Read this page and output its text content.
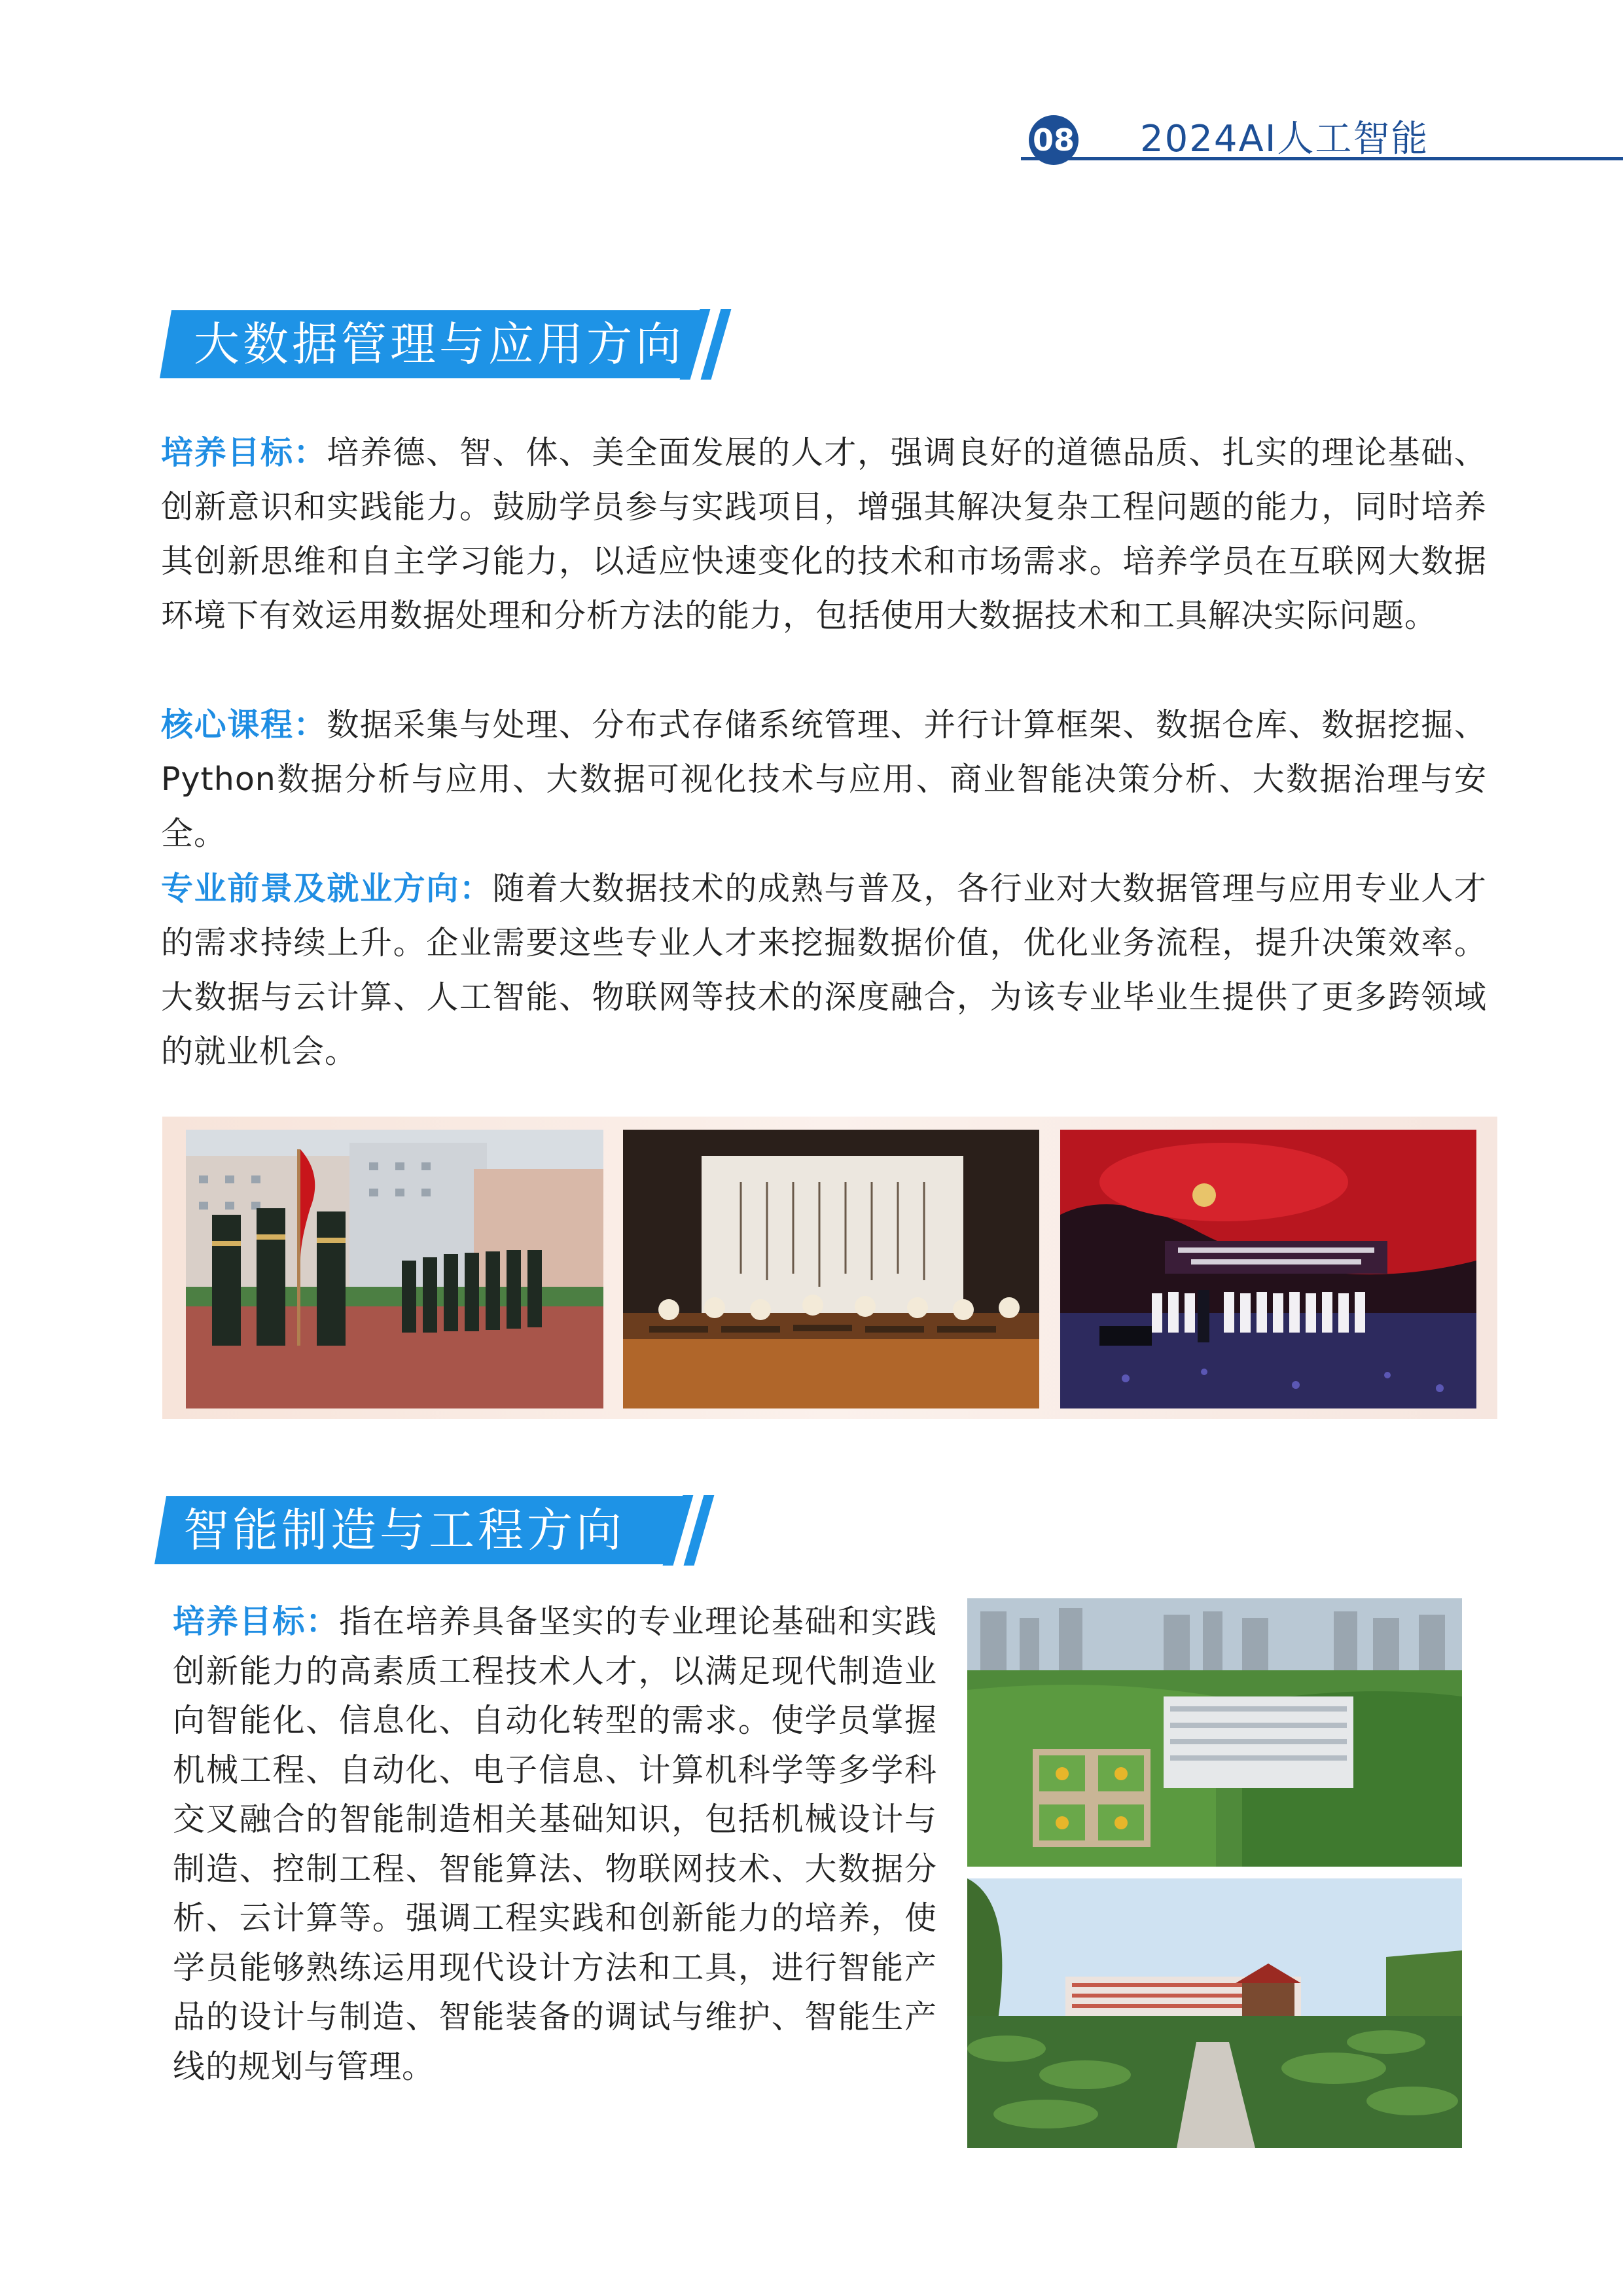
08 2024AI人工智能
大数据管理与应用方向
培养目标：培养德、智、体、美全面发展的人才，强调良好的道德品质、扎实的理论基础、创新意识和实践能力。鼓励学员参与实践项目，增强其解决复杂工程问题的能力，同时培养其创新思维和自主学习能力，以适应快速变化的技术和市场需求。培养学员在互联网大数据环境下有效运用数据处理和分析方法的能力，包括使用大数据技术和工具解决实际问题。
核心课程：数据采集与处理、分布式存储系统管理、并行计算框架、数据仓库、数据挖掘、Python数据分析与应用、大数据可视化技术与应用、商业智能决策分析、大数据治理与安全。
专业前景及就业方向：随着大数据技术的成熟与普及，各行业对大数据管理与应用专业人才的需求持续上升。企业需要这些专业人才来挖掘数据价值，优化业务流程，提升决策效率。大数据与云计算、人工智能、物联网等技术的深度融合，为该专业毕业生提供了更多跨领域的就业机会。
智能制造与工程方向
培养目标：指在培养具备坚实的专业理论基础和实践创新能力的高素质工程技术人才，以满足现代制造业向智能化、信息化、自动化转型的需求。使学员掌握机械工程、自动化、电子信息、计算机科学等多学科交叉融合的智能制造相关基础知识，包括机械设计与制造、控制工程、智能算法、物联网技术、大数据分析、云计算等。强调工程实践和创新能力的培养，使学员能够熟练运用现代设计方法和工具，进行智能产品的设计与制造、智能装备的调试与维护、智能生产线的规划与管理。
